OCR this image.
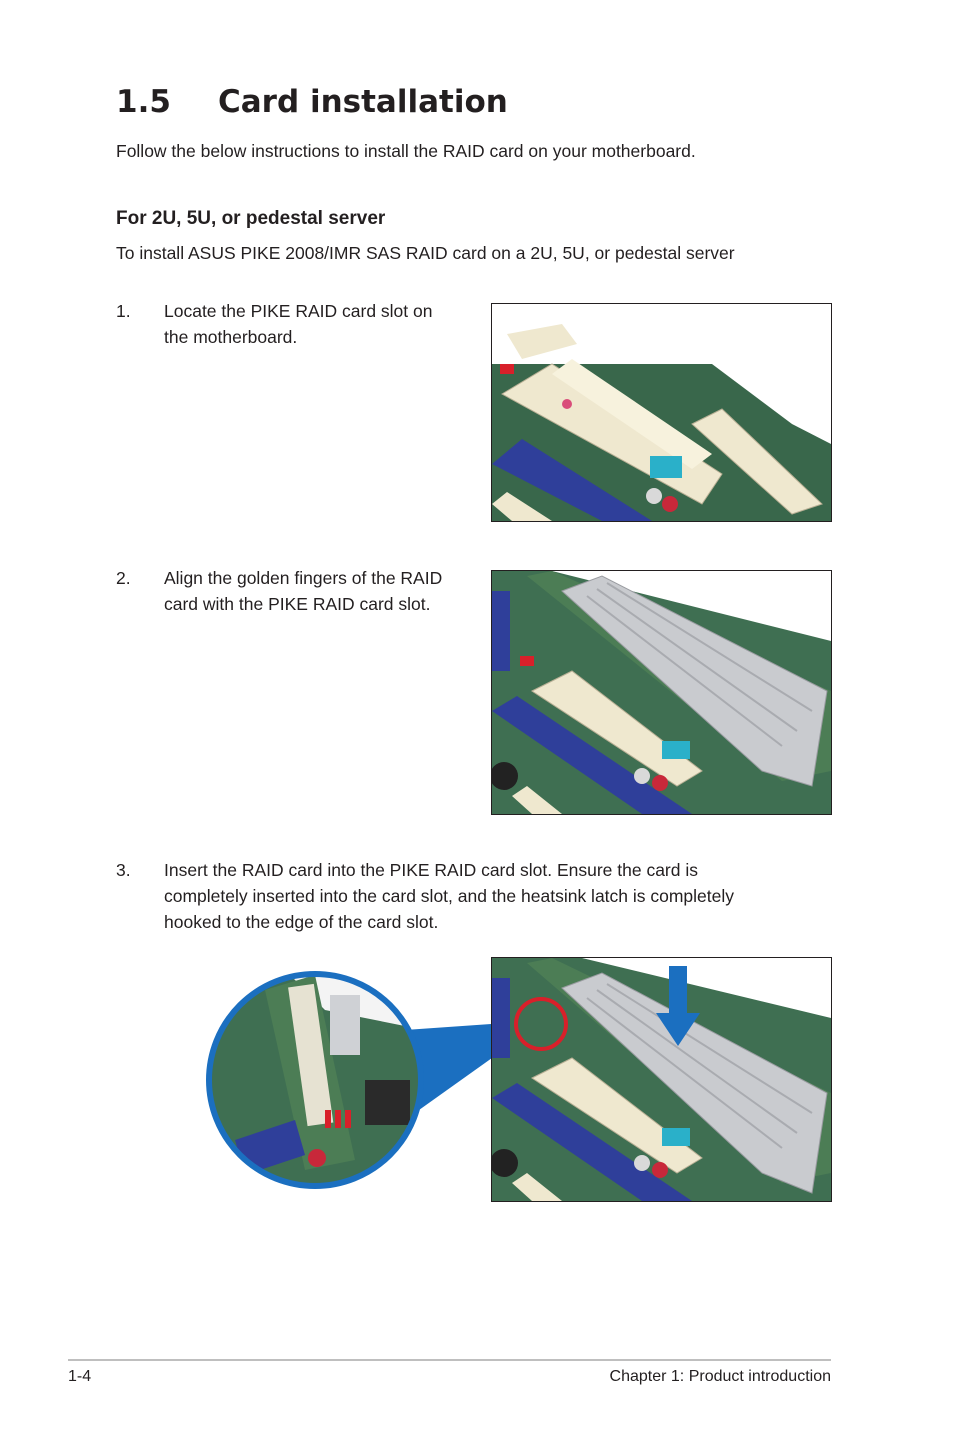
1.5	Card installation

Follow the below instructions to install the RAID card on your motherboard.

For 2U, 5U, or pedestal server

To install ASUS PIKE 2008/IMR SAS RAID card on a 2U, 5U, or pedestal server

1. Locate the PIKE RAID card slot on
the motherboard.
2. Align the golden fingers of the RAID
card with the PIKE RAID card slot.
3. Insert the RAID card into the PIKE RAID card slot. Ensure the card is
completely inserted into the card slot, and the heatsink latch is completely
hooked to the edge of the card slot.
1-4	Chapter 1: Product introduction
